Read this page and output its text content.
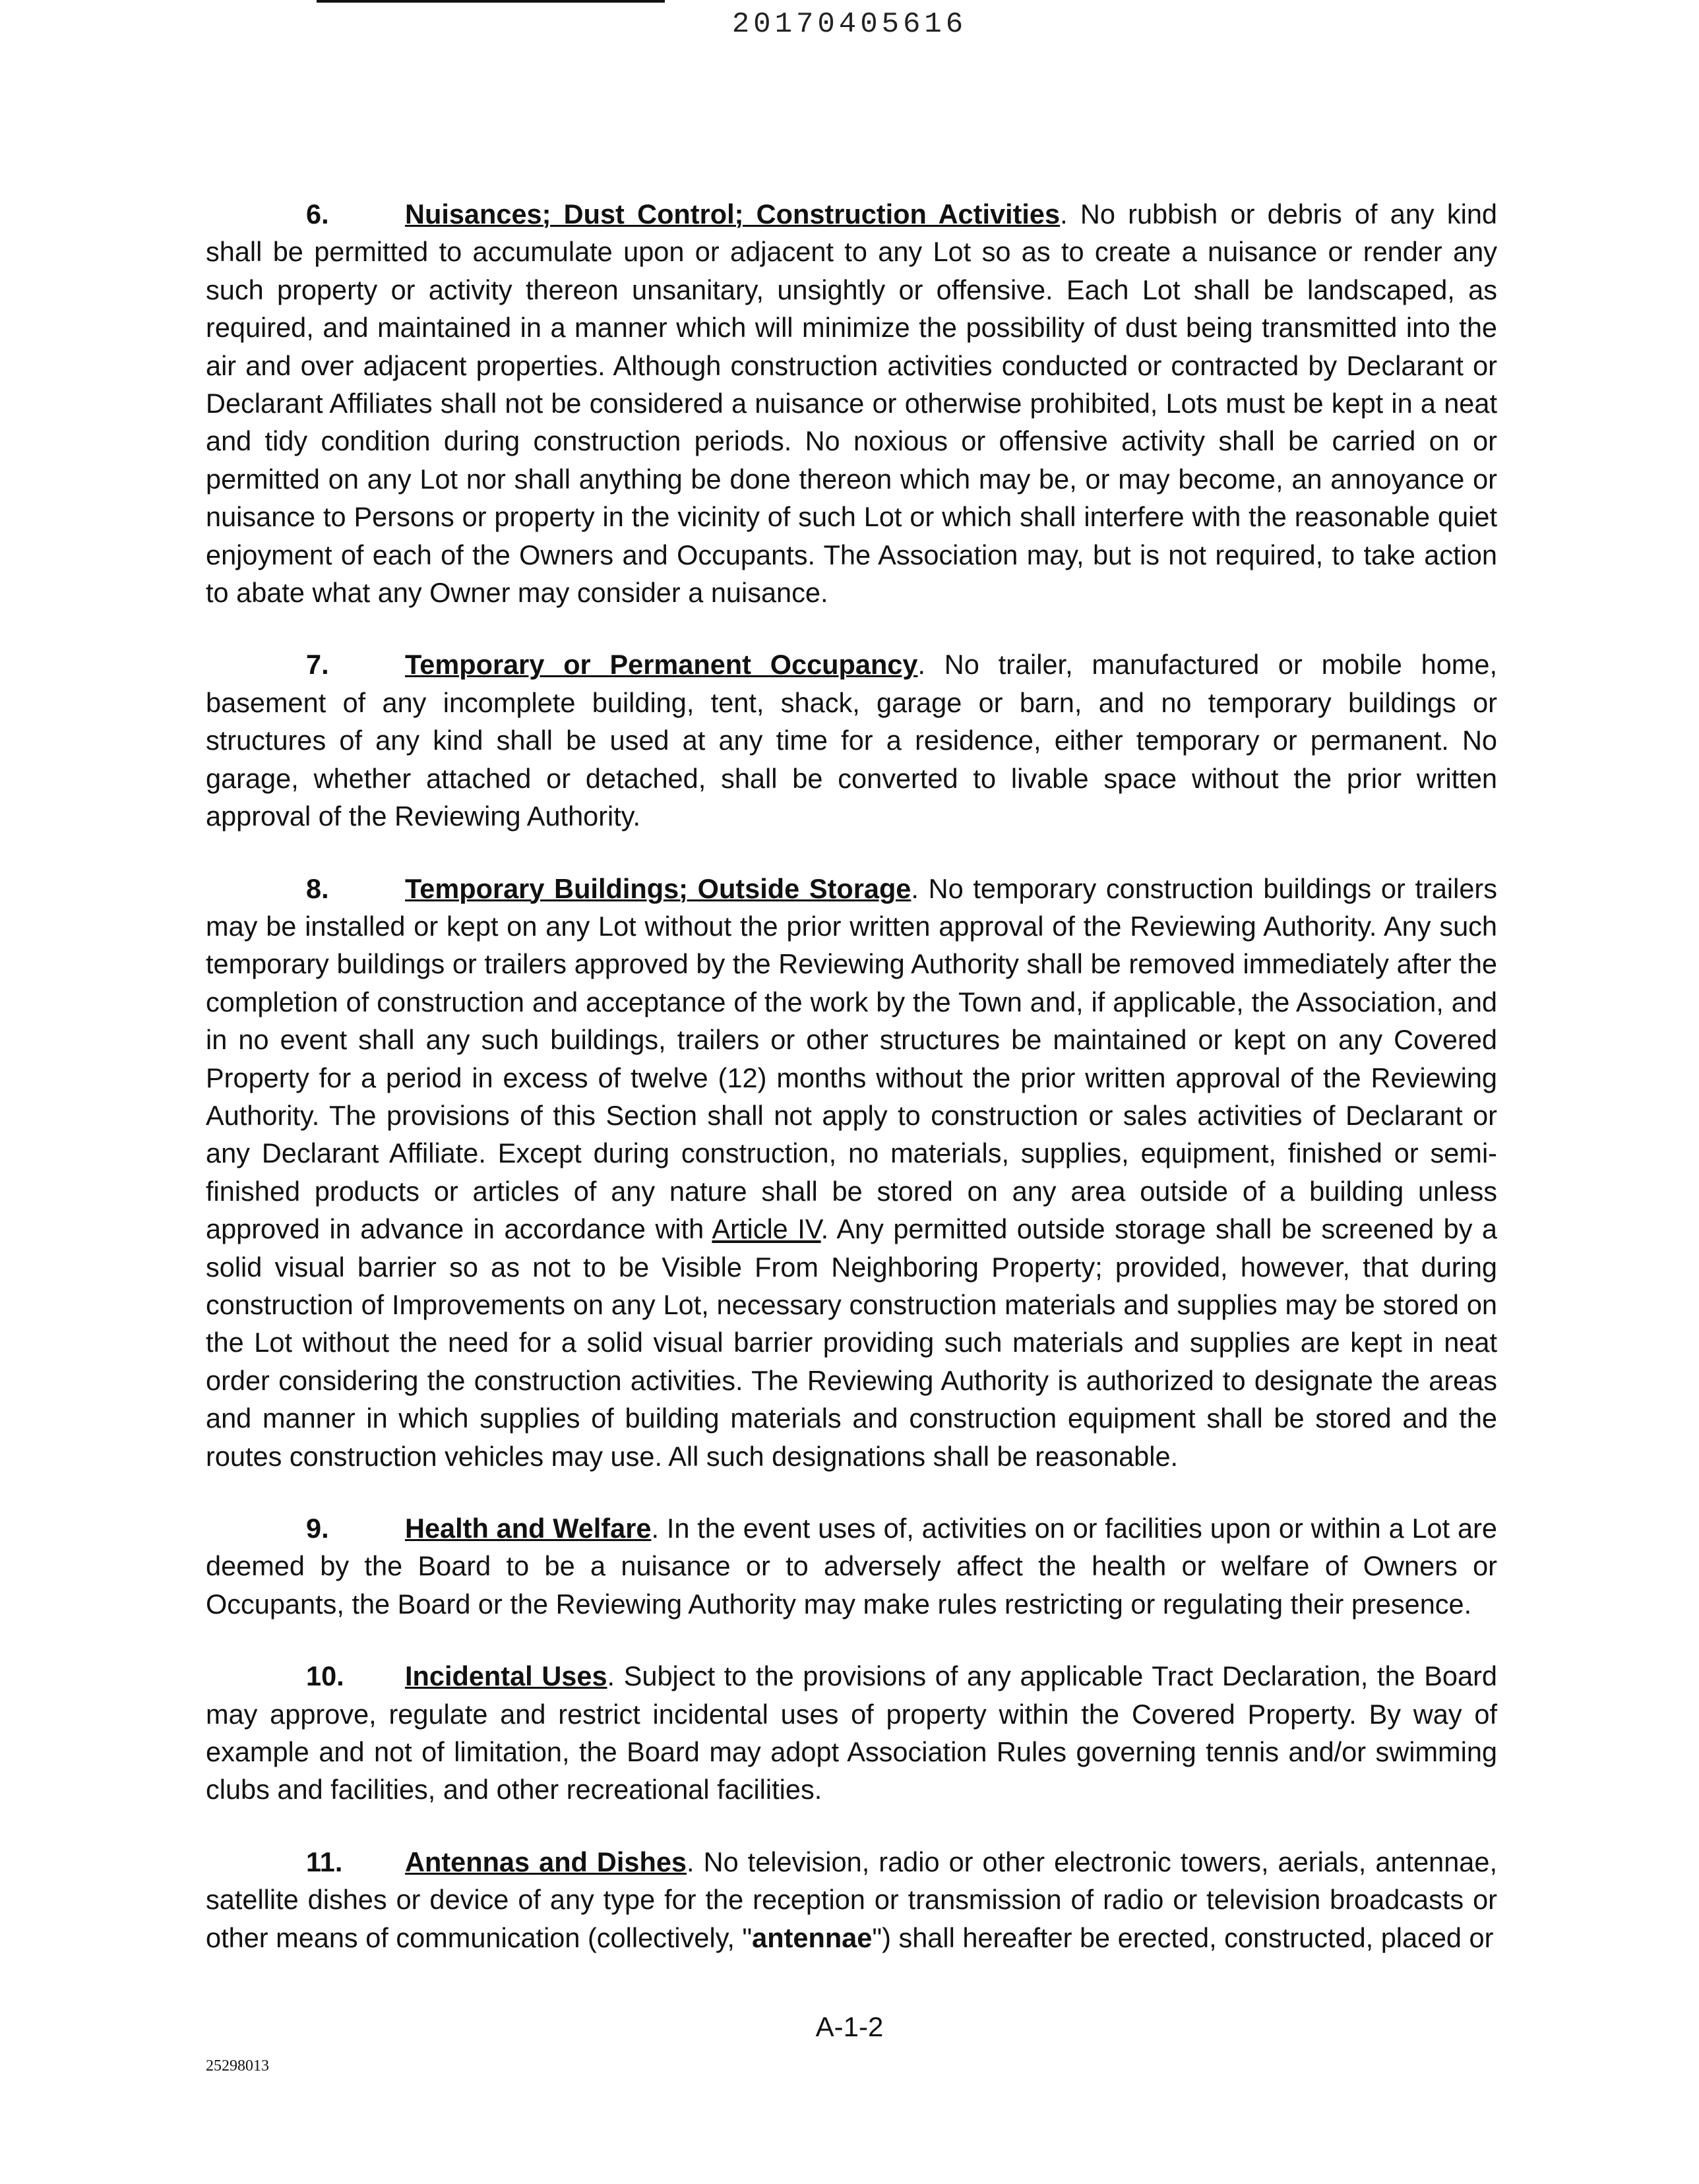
20170405616

6.	Nuisances; Dust Control; Construction Activities. No rubbish or debris of any kind shall be permitted to accumulate upon or adjacent to any Lot so as to create a nuisance or render any such property or activity thereon unsanitary, unsightly or offensive. Each Lot shall be landscaped, as required, and maintained in a manner which will minimize the possibility of dust being transmitted into the air and over adjacent properties. Although construction activities conducted or contracted by Declarant or Declarant Affiliates shall not be considered a nuisance or otherwise prohibited, Lots must be kept in a neat and tidy condition during construction periods. No noxious or offensive activity shall be carried on or permitted on any Lot nor shall anything be done thereon which may be, or may become, an annoyance or nuisance to Persons or property in the vicinity of such Lot or which shall interfere with the reasonable quiet enjoyment of each of the Owners and Occupants. The Association may, but is not required, to take action to abate what any Owner may consider a nuisance.

7.	Temporary or Permanent Occupancy. No trailer, manufactured or mobile home, basement of any incomplete building, tent, shack, garage or barn, and no temporary buildings or structures of any kind shall be used at any time for a residence, either temporary or permanent. No garage, whether attached or detached, shall be converted to livable space without the prior written approval of the Reviewing Authority.

8.	Temporary Buildings; Outside Storage. No temporary construction buildings or trailers may be installed or kept on any Lot without the prior written approval of the Reviewing Authority. Any such temporary buildings or trailers approved by the Reviewing Authority shall be removed immediately after the completion of construction and acceptance of the work by the Town and, if applicable, the Association, and in no event shall any such buildings, trailers or other structures be maintained or kept on any Covered Property for a period in excess of twelve (12) months without the prior written approval of the Reviewing Authority. The provisions of this Section shall not apply to construction or sales activities of Declarant or any Declarant Affiliate. Except during construction, no materials, supplies, equipment, finished or semi-finished products or articles of any nature shall be stored on any area outside of a building unless approved in advance in accordance with Article IV. Any permitted outside storage shall be screened by a solid visual barrier so as not to be Visible From Neighboring Property; provided, however, that during construction of Improvements on any Lot, necessary construction materials and supplies may be stored on the Lot without the need for a solid visual barrier providing such materials and supplies are kept in neat order considering the construction activities. The Reviewing Authority is authorized to designate the areas and manner in which supplies of building materials and construction equipment shall be stored and the routes construction vehicles may use. All such designations shall be reasonable.

9.	Health and Welfare. In the event uses of, activities on or facilities upon or within a Lot are deemed by the Board to be a nuisance or to adversely affect the health or welfare of Owners or Occupants, the Board or the Reviewing Authority may make rules restricting or regulating their presence.

10. Incidental Uses. Subject to the provisions of any applicable Tract Declaration, the Board may approve, regulate and restrict incidental uses of property within the Covered Property. By way of example and not of limitation, the Board may adopt Association Rules governing tennis and/or swimming clubs and facilities, and other recreational facilities.

11. Antennas and Dishes. No television, radio or other electronic towers, aerials, antennae, satellite dishes or device of any type for the reception or transmission of radio or television broadcasts or other means of communication (collectively, "antennae") shall hereafter be erected, constructed, placed or

A-1-2
25298013
